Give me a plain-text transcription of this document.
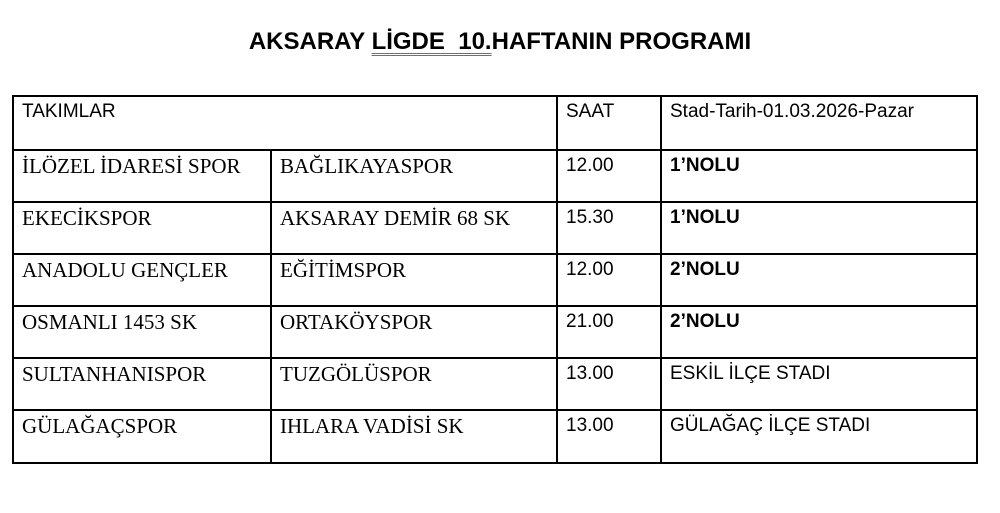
AKSARAY LİGDE  10.HAFTANIN PROGRAMI
TAKIMLAR		SAAT	Stad-Tarih-01.03.2026-Pazar

İLÖZEL İDARESİ SPOR	BAĞLIKAYASPOR	12.00	1’NOLU

EKECİKSPOR	AKSARAY DEMİR 68 SK	15.30	1’NOLU

ANADOLU GENÇLER	EĞİTİMSPOR	12.00	2’NOLU

OSMANLI 1453 SK	ORTAKÖYSPOR	21.00	2’NOLU

SULTANHANISPOR	TUZGÖLÜSPOR	13.00	ESKİL İLÇE STADI

GÜLAĞAÇSPOR	IHLARA VADİSİ SK	13.00	GÜLAĞAÇ İLÇE STADI
